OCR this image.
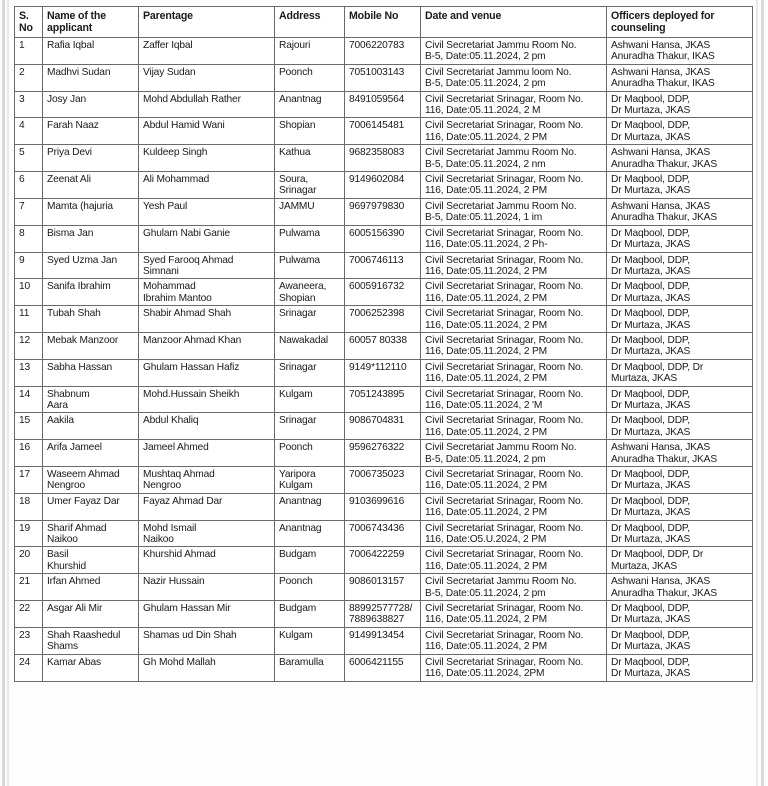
S.
No	Name of the
applicant	Parentage	Address	Mobile No	Date and venue	Officers deployed for
counseling

1	Rafia Iqbal	Zaffer Iqbal	Rajouri	7006220783	Civil Secretariat Jammu Room No.
B-5, Date:05.11.2024, 2 pm	Ashwani Hansa, JKAS
Anuradha Thakur, IKAS

2	Madhvi Sudan	Vijay Sudan	Poonch	7051003143	Civil Secretariat Jammu loom No.
B-5, Date:05.11.2024, 2 pm	Ashwani Hansa, JKAS
Anuradha Thakur, IKAS

3	Josy Jan	Mohd Abdullah Rather	Anantnag	8491059564	Civil Secretariat Srinagar, Room No.
116, Date:05.11.2024, 2 M	Dr Maqbool, DDP,
Dr Murtaza, JKAS

4	Farah Naaz	Abdul Hamid Wani	Shopian	7006145481	Civil Secretariat Srinagar, Room No.
116, Date:05.11.2024, 2 PM	Dr Maqbool, DDP,
Dr Murtaza, JKAS

5	Priya Devi	Kuldeep Singh	Kathua	9682358083	Civil Secretariat Jammu Room No.
B-5, Date:05.11.2024, 2 nm	Ashwani Hansa, JKAS
Anuradha Thakur, JKAS

6	Zeenat Ali	Ali Mohammad	Soura,
Srinagar	9149602084	Civil Secretariat Srinagar, Room No.
116, Date:05.11.2024, 2 PM	Dr Maqbool, DDP,
Dr Murtaza, JKAS

7	Mamta (hajuria	Yesh Paul	JAMMU	9697979830	Civil Secretariat Jammu Room No.
B-5, Date:05.11.2024, 1 im	Ashwani Hansa, JKAS
Anuradha Thakur, JKAS

8	Bisma Jan	Ghulam Nabi Ganie	Pulwama	6005156390	Civil Secretariat Srinagar, Room No.
116, Date:05.11.2024, 2 Ph-	Dr Maqbool, DDP,
Dr Murtaza, JKAS

9	Syed Uzma Jan	Syed Farooq Ahmad
Simnani	Pulwama	7006746113	Civil Secretariat Srinagar, Room No.
116, Date:05.11.2024, 2 PM	Dr Maqbool, DDP,
Dr Murtaza, JKAS

10	Sanifa Ibrahim	Mohammad
Ibrahim Mantoo	Awaneera,
Shopian	6005916732	Civil Secretariat Srinagar, Room No.
116, Date:05.11.2024, 2 PM	Dr Maqbool, DDP,
Dr Murtaza, JKAS

11	Tubah Shah	Shabir Ahmad Shah	Srinagar	7006252398	Civil Secretariat Srinagar, Room No.
116, Date:05.11.2024, 2 PM	Dr Maqbool, DDP,
Dr Murtaza, JKAS

12	Mebak Manzoor	Manzoor Ahmad Khan	Nawakadal	60057 80338	Civil Secretariat Srinagar, Room No.
116, Date:05.11.2024, 2 PM	Dr Maqbool, DDP,
Dr Murtaza, JKAS

13	Sabha Hassan	Ghulam Hassan Hafiz	Srinagar	9149*112110	Civil Secretariat Srinagar, Room No.
116, Date:05.11.2024, 2 PM	Dr Maqbool, DDP, Dr
Murtaza, JKAS

14	Shabnum
Aara	Mohd.Hussain Sheikh	Kulgam	7051243895	Civil Secretariat Srinagar, Room No.
116, Date:05.11.2024, 2 'M	Dr Maqbool, DDP,
Dr Murtaza, JKAS

15	Aakila	Abdul Khaliq	Srinagar	9086704831	Civil Secretariat Srinagar, Room No.
116, Date:05.11.2024, 2 PM	Dr Maqbool, DDP,
Dr Murtaza, JKAS

16	Arifa Jameel	Jameel Ahmed	Poonch	9596276322	Civil Secretariat Jammu Room No.
B-5, Date:05.11.2024, 2 pm	Ashwani Hansa, JKAS
Anuradha Thakur, JKAS

17	Waseem Ahmad
Nengroo	Mushtaq Ahmad
Nengroo	Yaripora
Kulgam	7006735023	Civil Secretariat Srinagar, Room No.
116, Date:05.11.2024, 2 PM	Dr Maqbool, DDP,
Dr Murtaza, JKAS

18	Umer Fayaz Dar	Fayaz Ahmad Dar	Anantnag	9103699616	Civil Secretariat Srinagar, Room No.
116, Date:05.11.2024, 2 PM	Dr Maqbool, DDP,
Dr Murtaza, JKAS

19	Sharif Ahmad
Naikoo	Mohd Ismail
Naikoo	Anantnag	7006743436	Civil Secretariat Srinagar, Room No.
116, Date:O5.U.2024, 2 PM	Dr Maqbool, DDP,
Dr Murtaza, JKAS

20	Basil
Khurshid	Khurshid Ahmad	Budgam	7006422259	Civil Secretariat Srinagar, Room No.
116, Date:05.11.2024, 2 PM	Dr Maqbool, DDP, Dr
Murtaza, JKAS

21	Irfan Ahmed	Nazir Hussain	Poonch	9086013157	Civil Secretariat Jammu Room No.
B-5, Date:05.11.2024, 2 pm	Ashwani Hansa, JKAS
Anuradha Thakur, JKAS

22	Asgar Ali Mir	Ghulam Hassan Mir	Budgam	88992577728/
7889638827	Civil Secretariat Srinagar, Room No.
116, Date:05.11.2024, 2 PM	Dr Maqbool, DDP,
Dr Murtaza, JKAS

23	Shah Raashedul
Shams	Shamas ud Din Shah	Kulgam	9149913454	Civil Secretariat Srinagar, Room No.
116, Date:05.11.2024, 2 PM	Dr Maqbool, DDP,
Dr Murtaza, JKAS

24	Kamar Abas	Gh Mohd Mallah	Baramulla	6006421155	Civil Secretariat Srinagar, Room No.
116, Date:05.11.2024, 2PM	Dr Maqbool, DDP,
Dr Murtaza, JKAS
